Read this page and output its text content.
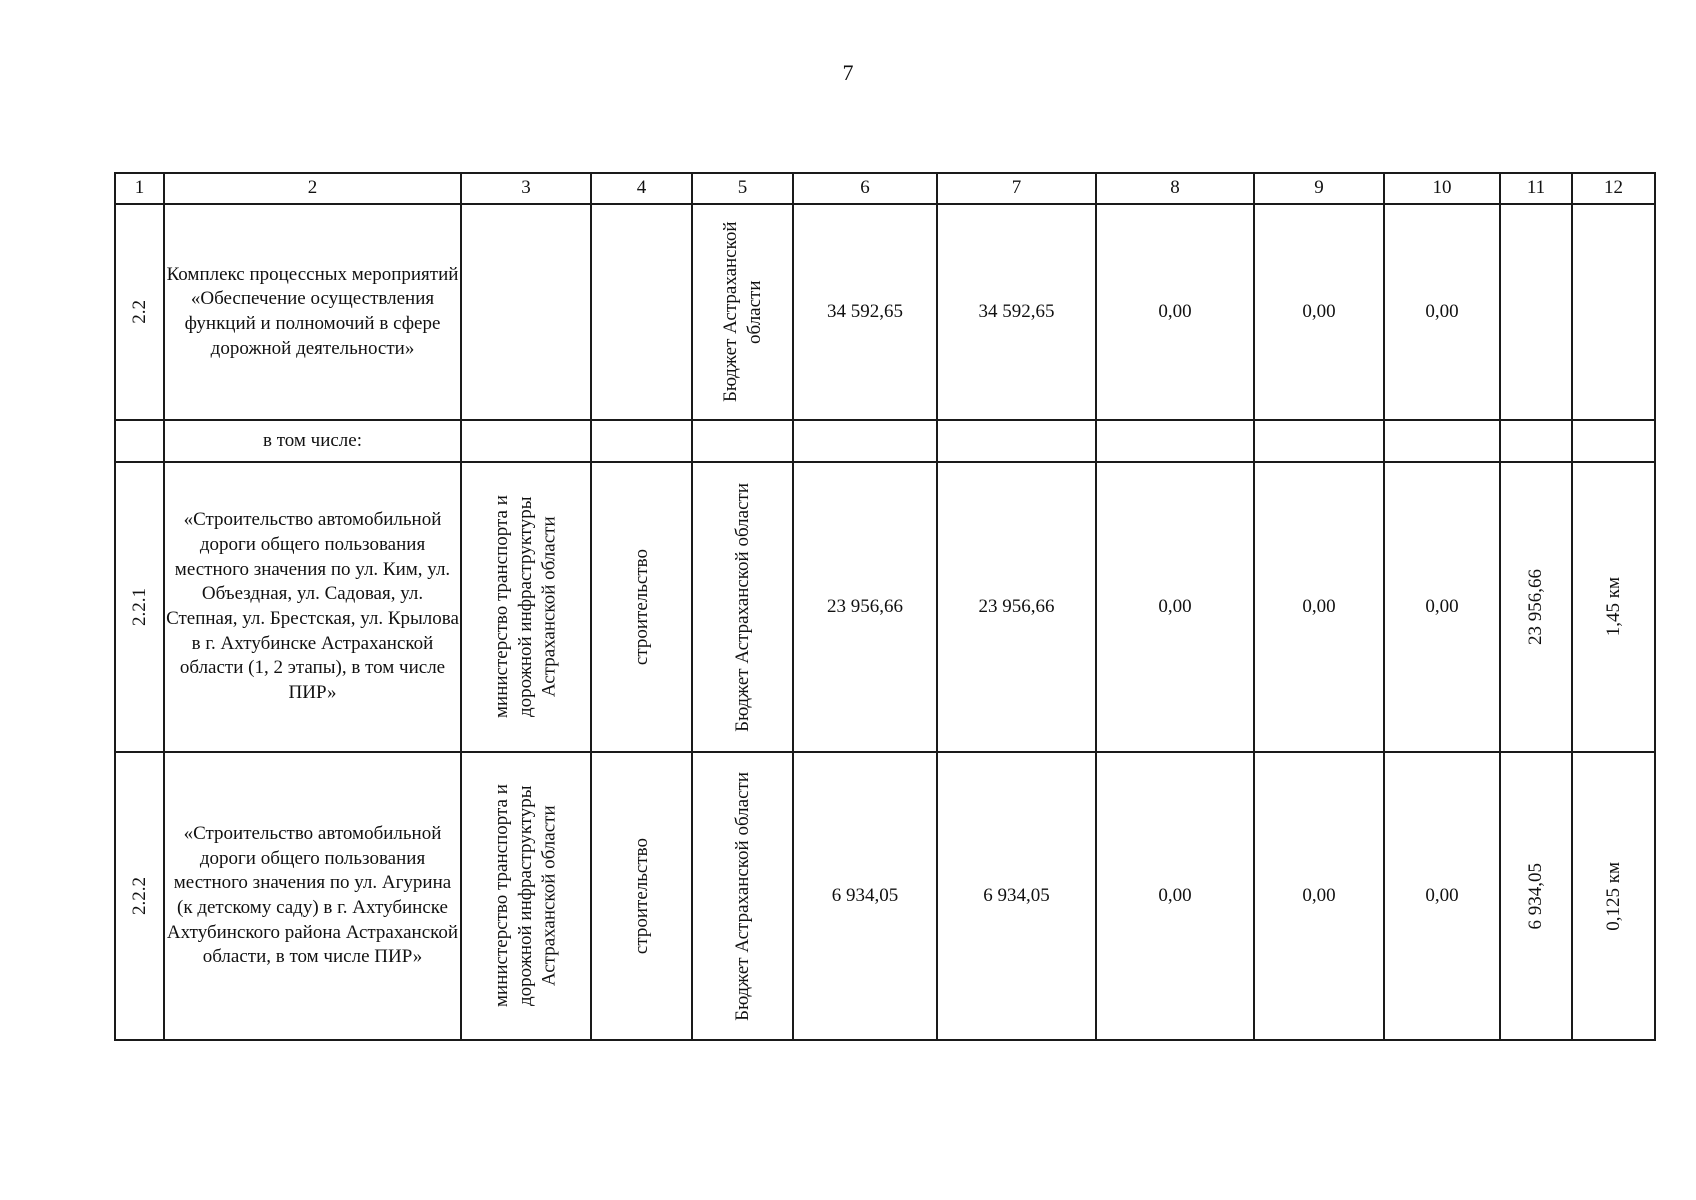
7
1	2	3	4	5	6	7	8	9	10	11	12

2.2	Комплекс процессных мероприятий «Обеспечение осуществления функций и полномочий в сфере дорожной деятельности»			Бюджет Астраханской области	34 592,65	34 592,65	0,00	0,00	0,00		
	в том числе:										

2.2.1	«Строительство автомобильной дороги общего пользования местного значения по ул. Ким, ул. Объездная, ул. Садовая, ул. Степная, ул. Брестская, ул. Крылова в г. Ахтубинске Астраханской области (1, 2 этапы), в том числе ПИР»	министерство транспорта и дорожной инфраструктуры Астраханской области	строительство	Бюджет Астраханской области	23 956,66	23 956,66	0,00	0,00	0,00	23 956,66	1,45 км

2.2.2	«Строительство автомобильной дороги общего пользования местного значения по ул. Агурина (к детскому саду) в г. Ахтубинске Ахтубинского района Астраханской области, в том числе ПИР»	министерство транспорта и дорожной инфраструктуры Астраханской области	строительство	Бюджет Астраханской области	6 934,05	6 934,05	0,00	0,00	0,00	6 934,05	0,125 км
